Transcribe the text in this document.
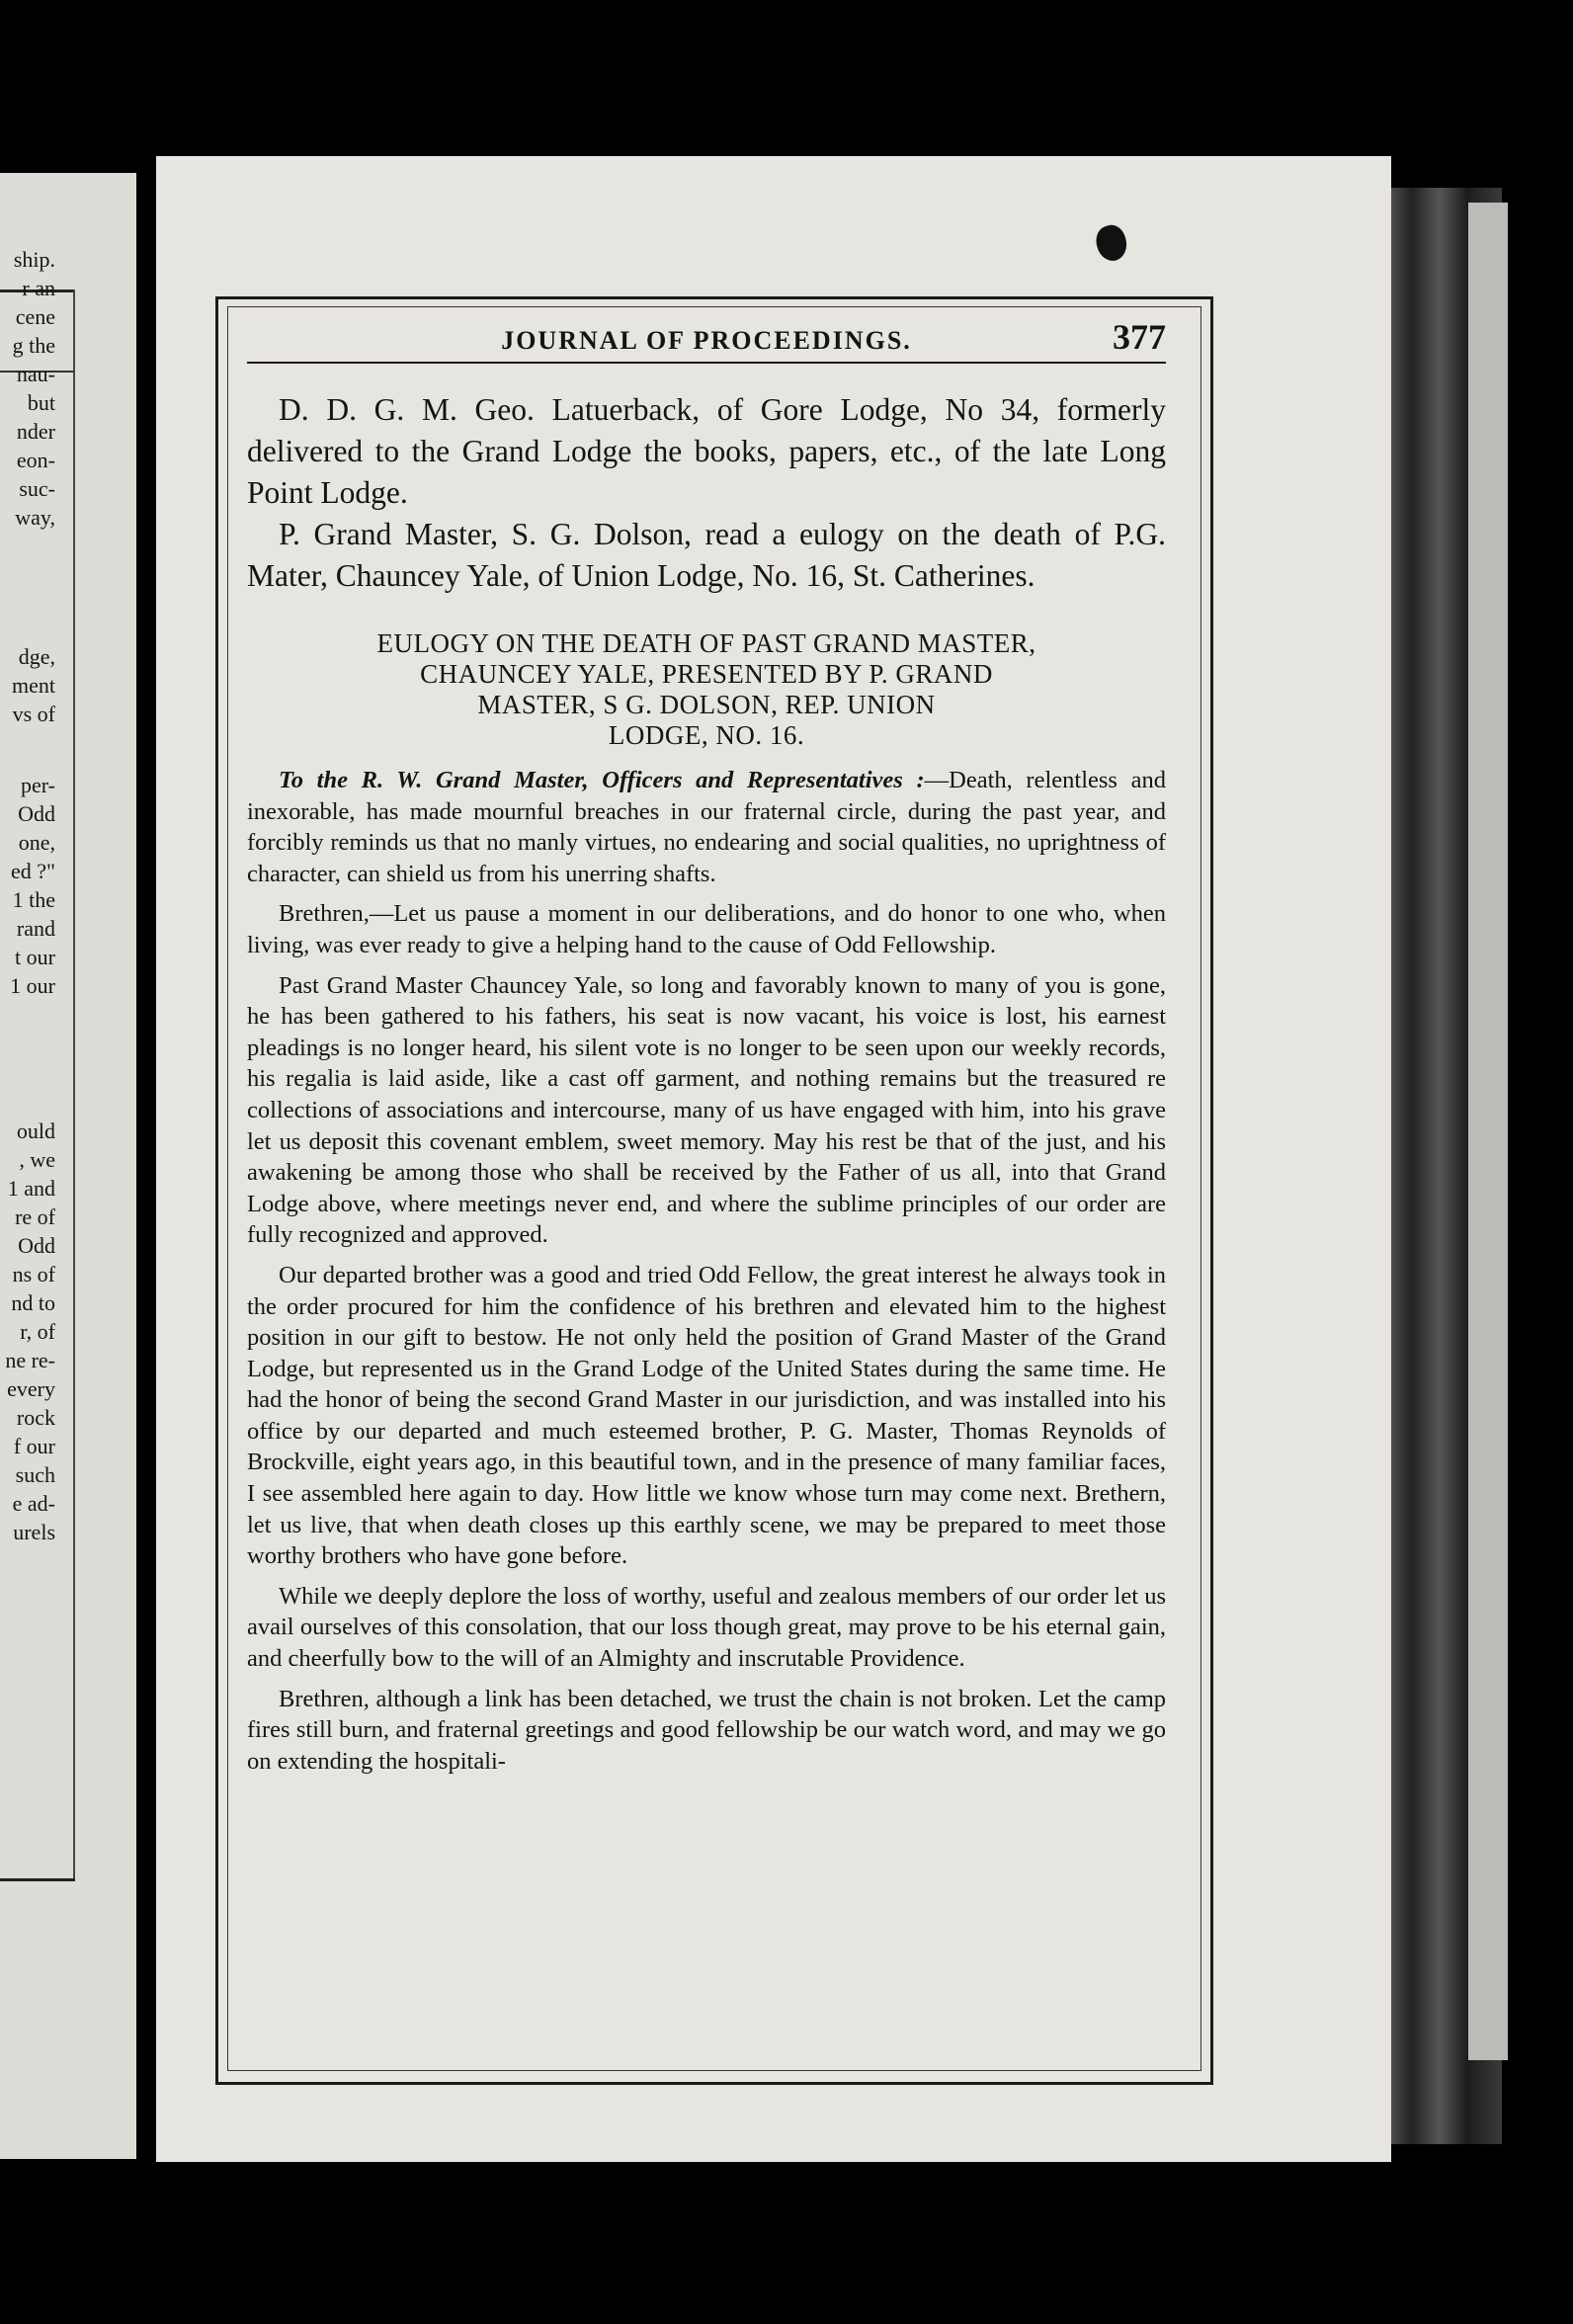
ship.
r an
cene
g the
nau-
but
nder
eon-
suc-
way,
dge,
ment
vs of
per-
Odd
one,
ed ?"
1 the
rand
t our
1 our
ould
, we
1 and
re of
Odd
ns of
nd to
r, of
ne re-
every
rock
f our
such
e ad-
urels
JOURNAL OF PROCEEDINGS.	377

D. D. G. M. Geo. Latuerback, of Gore Lodge, No 34, formerly delivered to the Grand Lodge the books, papers, etc., of the late Long Point Lodge.

P. Grand Master, S. G. Dolson, read a eulogy on the death of P.G. Mater, Chauncey Yale, of Union Lodge, No. 16, St. Catherines.

EULOGY ON THE DEATH OF PAST GRAND MASTER,
CHAUNCEY YALE, PRESENTED BY P. GRAND
MASTER, S G. DOLSON, REP. UNION
LODGE, NO. 16.

To the R. W. Grand Master, Officers and Representatives :—Death, relentless and inexorable, has made mournful breaches in our fraternal circle, during the past year, and forcibly reminds us that no manly virtues, no endearing and social qualities, no uprightness of character, can shield us from his unerring shafts.

Brethren,—Let us pause a moment in our deliberations, and do honor to one who, when living, was ever ready to give a helping hand to the cause of Odd Fellowship.

Past Grand Master Chauncey Yale, so long and favorably known to many of you is gone, he has been gathered to his fathers, his seat is now vacant, his voice is lost, his earnest pleadings is no longer heard, his silent vote is no longer to be seen upon our weekly records, his regalia is laid aside, like a cast off garment, and nothing remains but the treasured re collections of associations and intercourse, many of us have engaged with him, into his grave let us deposit this covenant emblem, sweet memory. May his rest be that of the just, and his awakening be among those who shall be received by the Father of us all, into that Grand Lodge above, where meetings never end, and where the sublime principles of our order are fully recognized and approved.

Our departed brother was a good and tried Odd Fellow, the great interest he always took in the order procured for him the confidence of his brethren and elevated him to the highest position in our gift to bestow. He not only held the position of Grand Master of the Grand Lodge, but represented us in the Grand Lodge of the United States during the same time. He had the honor of being the second Grand Master in our jurisdiction, and was installed into his office by our departed and much esteemed brother, P. G. Master, Thomas Reynolds of Brockville, eight years ago, in this beautiful town, and in the presence of many familiar faces, I see assembled here again to day. How little we know whose turn may come next. Brethern, let us live, that when death closes up this earthly scene, we may be prepared to meet those worthy brothers who have gone before.

While we deeply deplore the loss of worthy, useful and zealous members of our order let us avail ourselves of this consolation, that our loss though great, may prove to be his eternal gain, and cheerfully bow to the will of an Almighty and inscrutable Providence.

Brethren, although a link has been detached, we trust the chain is not broken. Let the camp fires still burn, and fraternal greetings and good fellowship be our watch word, and may we go on extending the hospitali-
